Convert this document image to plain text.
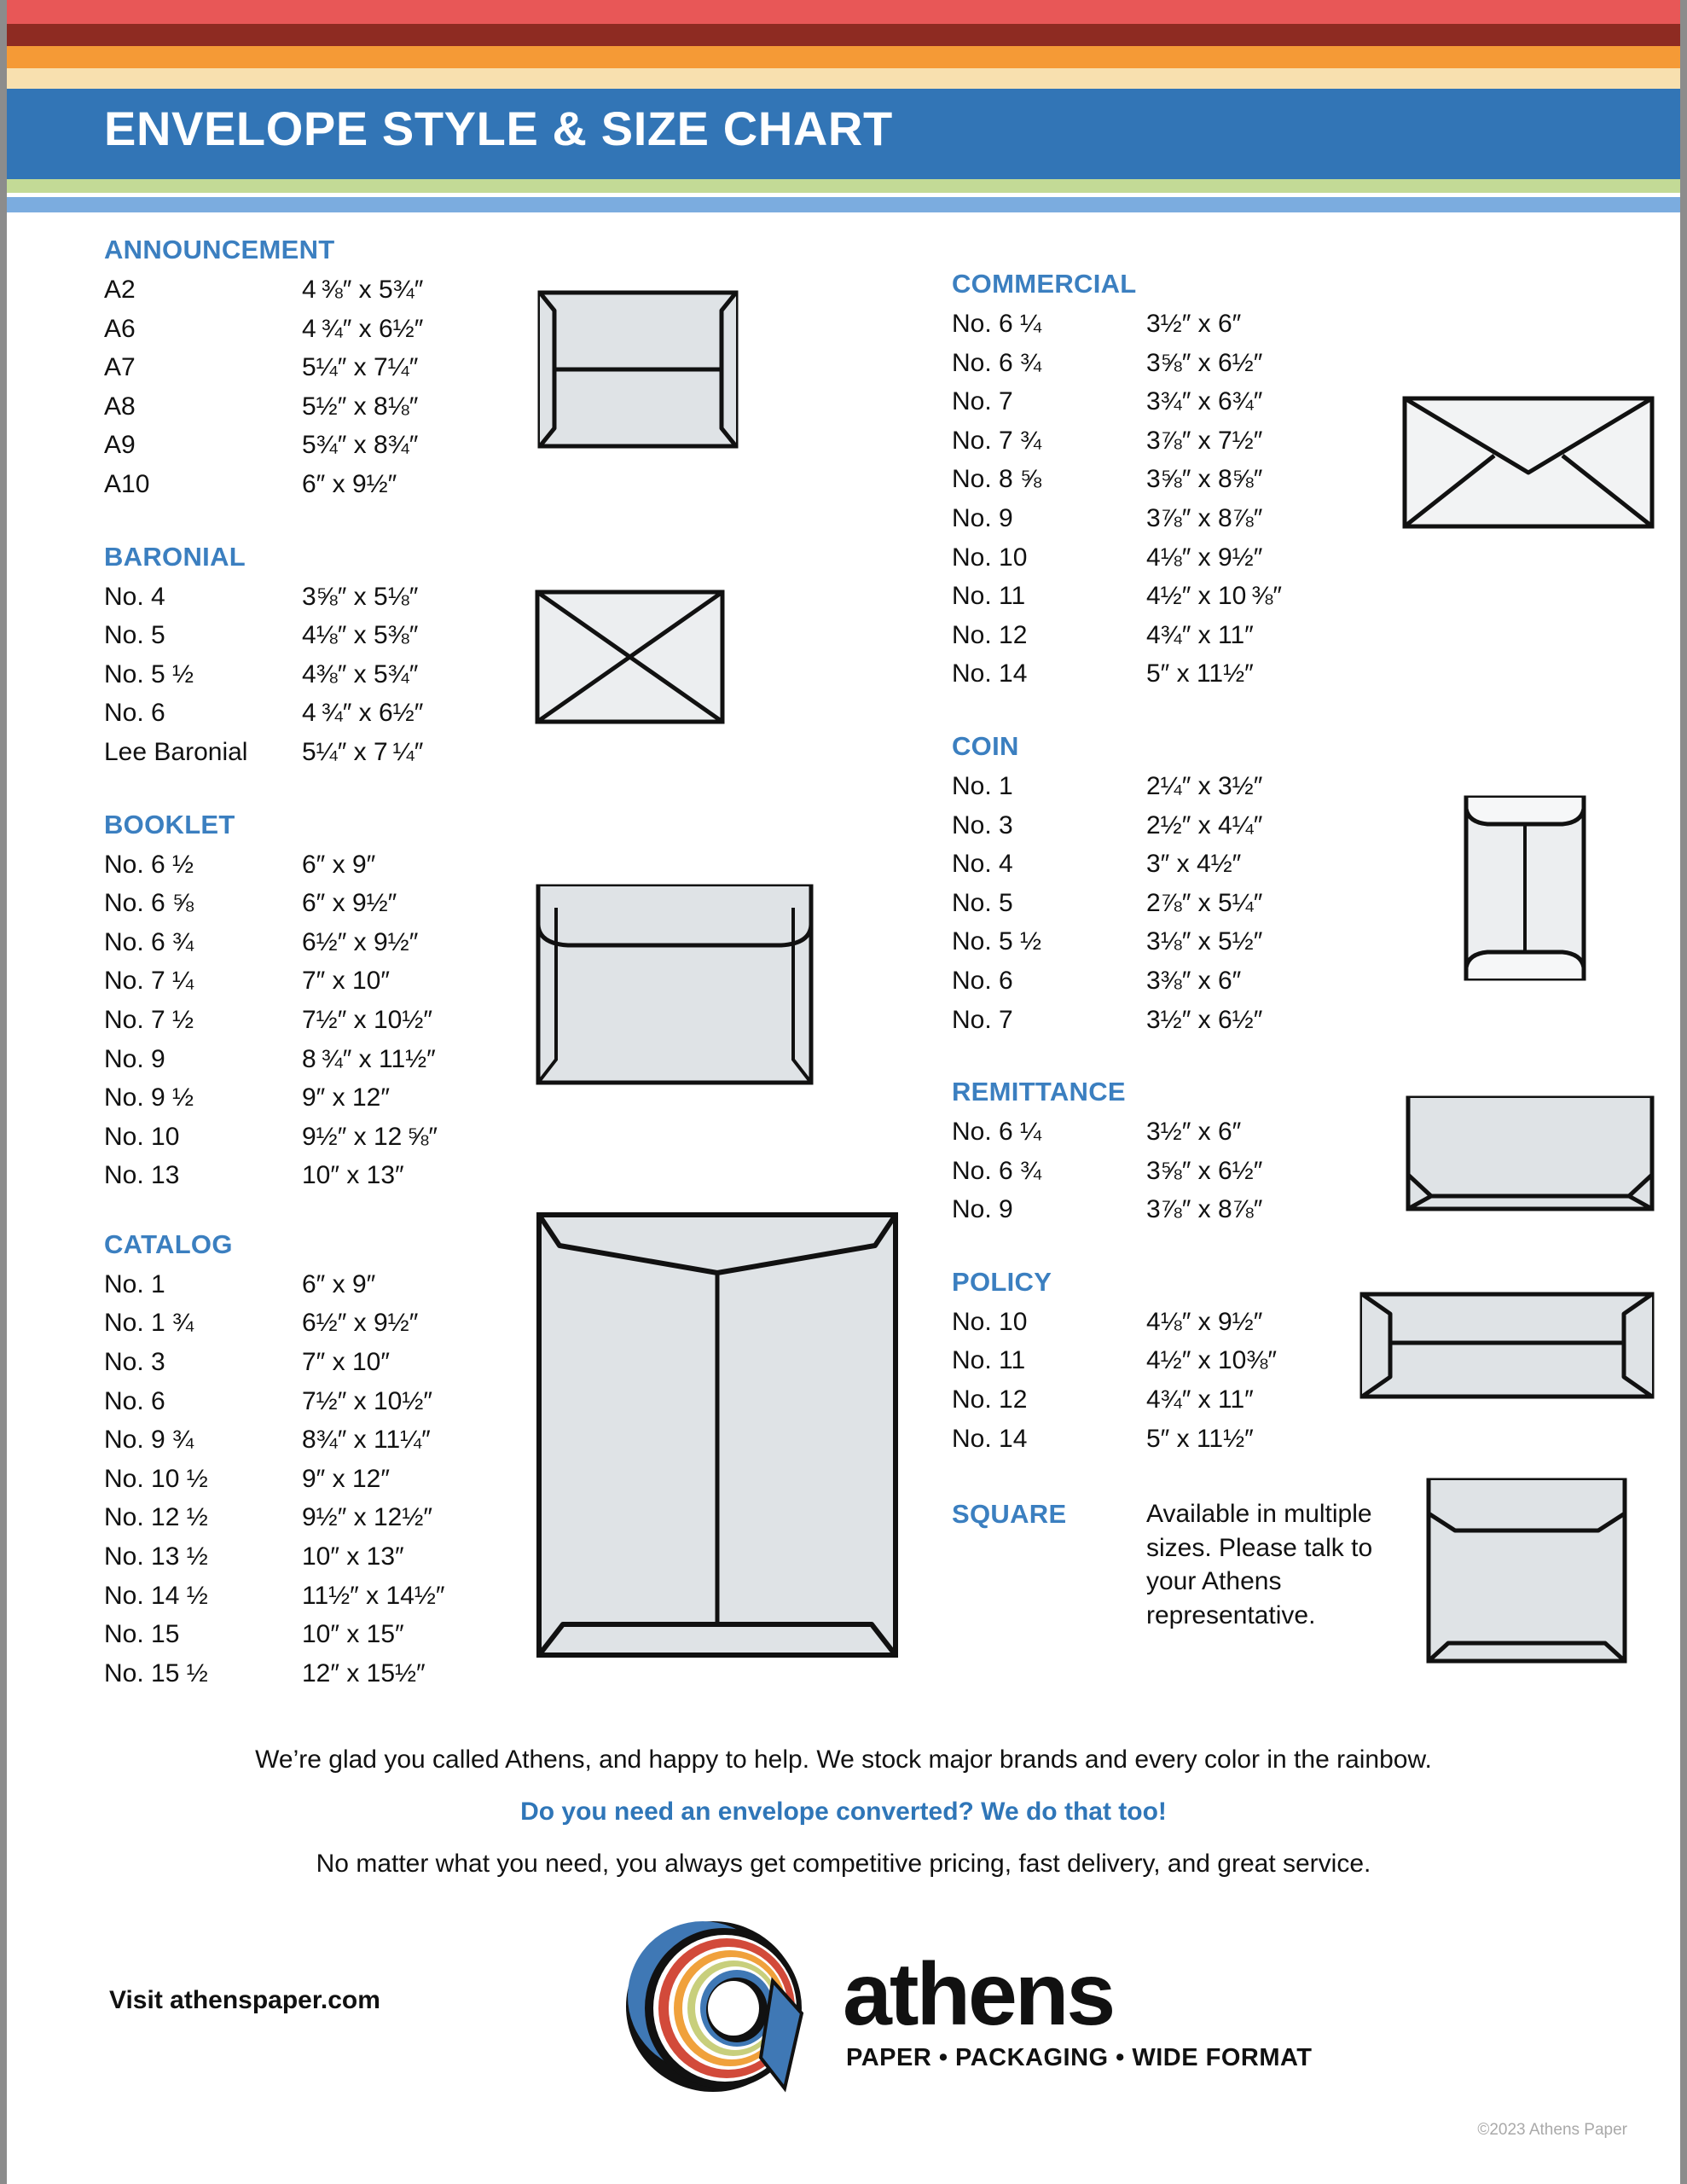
ENVELOPE STYLE & SIZE CHART
ANNOUNCEMENT
A2	4 ⅜″ x 5¾″
A6	4 ¾″ x 6½″
A7	5¼″ x 7¼″
A8	5½″ x 8⅛″
A9	5¾″ x 8¾″
A10	6″ x 9½″
BARONIAL
No. 4	3⅝″ x 5⅛″
No. 5	4⅛″ x 5⅜″
No. 5 ½	4⅜″ x 5¾″
No. 6	4 ¾″ x 6½″
Lee Baronial	5¼″ x 7 ¼″
BOOKLET
No. 6 ½	6″ x 9″
No. 6 ⅝	6″ x 9½″
No. 6 ¾	6½″ x 9½″
No. 7 ¼	7″ x 10″
No. 7 ½	7½″ x 10½″
No. 9	8 ¾″ x 11½″
No. 9 ½	9″ x 12″
No. 10	9½″ x 12 ⅝″
No. 13	10″ x 13″
CATALOG
No. 1	6″ x 9″
No. 1 ¾	6½″ x 9½″
No. 3	7″ x 10″
No. 6	7½″ x 10½″
No. 9 ¾	8¾″ x 11¼″
No. 10 ½	9″ x 12″
No. 12 ½	9½″ x 12½″
No. 13 ½	10″ x 13″
No. 14 ½	11½″ x 14½″
No. 15	10″ x 15″
No. 15 ½	12″ x 15½″
COMMERCIAL
No. 6 ¼	3½″ x 6″
No. 6 ¾	3⅝″ x 6½″
No. 7	3¾″ x 6¾″
No. 7 ¾	3⅞″ x 7½″
No. 8 ⅝	3⅝″ x 8⅝″
No. 9	3⅞″ x 8⅞″
No. 10	4⅛″ x 9½″
No. 11	4½″ x 10 ⅜″
No. 12	4¾″ x 11″
No. 14	5″ x 11½″
COIN
No. 1	2¼″ x 3½″
No. 3	2½″ x 4¼″
No. 4	3″ x 4½″
No. 5	2⅞″ x 5¼″
No. 5 ½	3⅛″ x 5½″
No. 6	3⅜″ x 6″
No. 7	3½″ x 6½″
REMITTANCE
No. 6 ¼	3½″ x 6″
No. 6 ¾	3⅝″ x 6½″
No. 9	3⅞″ x 8⅞″
POLICY
No. 10	4⅛″ x 9½″
No. 11	4½″ x 10⅜″
No. 12	4¾″ x 11″
No. 14	5″ x 11½″
SQUARE	Available in multiple sizes. Please talk to your Athens representative.
We’re glad you called Athens, and happy to help. We stock major brands and every color in the rainbow.
Do you need an envelope converted? We do that too!
No matter what you need, you always get competitive pricing, fast delivery, and great service.
Visit athenspaper.com	athens
PAPER • PACKAGING • WIDE FORMAT
©2023 Athens Paper
